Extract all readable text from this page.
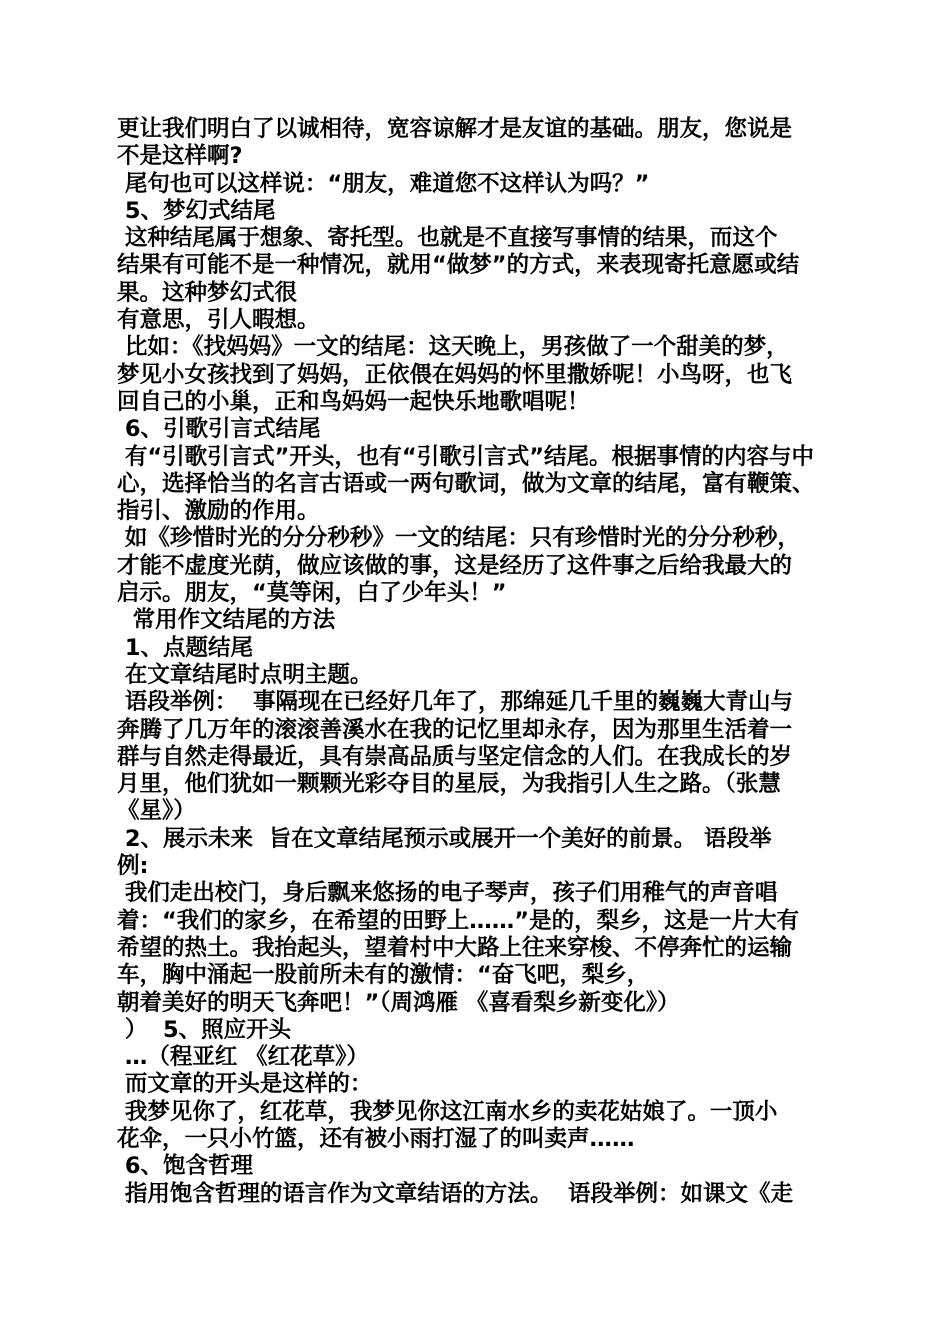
更让我们明白了以诚相待，宽容谅解才是友谊的基础。朋友，您说是
不是这样啊?
尾句也可以这样说：“朋友，难道您不这样认为吗？”
5、梦幻式结尾
这种结尾属于想象、寄托型。也就是不直接写事情的结果，而这个
结果有可能不是一种情况，就用“做梦”的方式，来表现寄托意愿或结
果。这种梦幻式很
有意思，引人暇想。
比如：《找妈妈》一文的结尾：这天晚上，男孩做了一个甜美的梦，
梦见小女孩找到了妈妈，正依偎在妈妈的怀里撒娇呢！小鸟呀，也飞
回自己的小巢，正和鸟妈妈一起快乐地歌唱呢！
6、引歌引言式结尾
有“引歌引言式”开头，也有“引歌引言式”结尾。根据事情的内容与中
心，选择恰当的名言古语或一两句歌词，做为文章的结尾，富有鞭策、
指引、激励的作用。
如《珍惜时光的分分秒秒》一文的结尾：只有珍惜时光的分分秒秒，
才能不虚度光荫，做应该做的事，这是经历了这件事之后给我最大的
启示。朋友，“莫等闲，白了少年头！”
常用作文结尾的方法
1、点题结尾
在文章结尾时点明主题。
语段举例：  事隔现在已经好几年了，那绵延几千里的巍巍大青山与
奔腾了几万年的滚滚善溪水在我的记忆里却永存，因为那里生活着一
群与自然走得最近，具有崇高品质与坚定信念的人们。在我成长的岁
月里，他们犹如一颗颗光彩夺目的星辰，为我指引人生之路。（张慧
《星》）
2、展示未来  旨在文章结尾预示或展开一个美好的前景。 语段举
例:
我们走出校门，身后飘来悠扬的电子琴声，孩子们用稚气的声音唱
着：“我们的家乡，在希望的田野上……”是的，梨乡，这是一片大有
希望的热土。我抬起头，望着村中大路上往来穿梭、不停奔忙的运输
车，胸中涌起一股前所未有的激情：“奋飞吧，梨乡，
朝着美好的明天飞奔吧！”（周鸿雁 《喜看梨乡新变化》）
）  5、照应开头
…（程亚红 《红花草》）
而文章的开头是这样的：
我梦见你了，红花草，我梦见你这江南水乡的卖花姑娘了。一顶小
花伞，一只小竹篮，还有被小雨打湿了的叫卖声……
6、饱含哲理
指用饱含哲理的语言作为文章结语的方法。  语段举例：如课文《走
